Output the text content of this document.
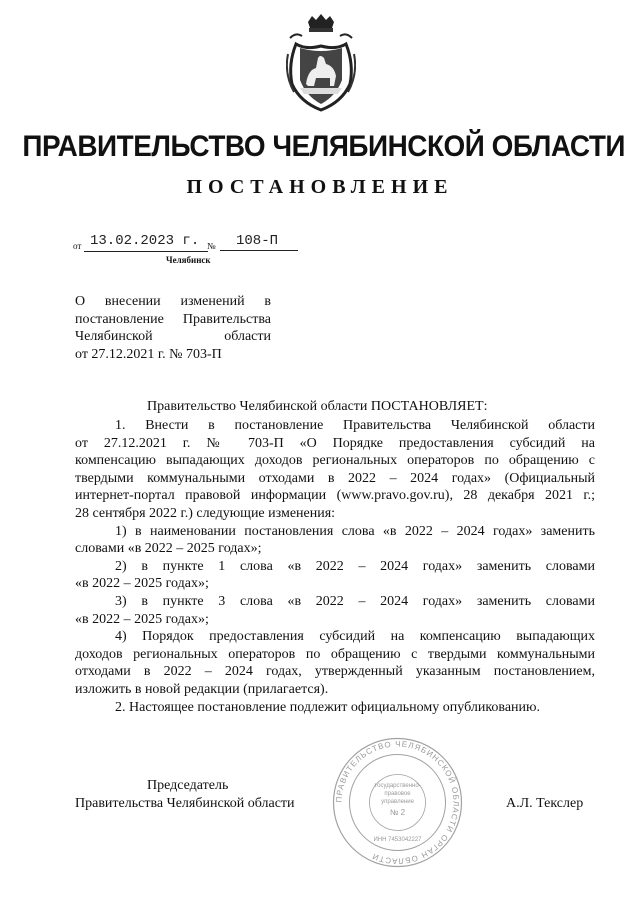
ПРАВИТЕЛЬСТВО ЧЕЛЯБИНСКОЙ ОБЛАСТИ
ПОСТАНОВЛЕНИЕ
от 13.02.2023 г. №	108-П
Челябинск
О внесении изменений в
постановление Правительства
Челябинской области
от 27.12.2021 г. № 703-П
Правительство Челябинской области ПОСТАНОВЛЯЕТ:
1. Внести в постановление Правительства Челябинской области
от 27.12.2021 г. № 703-П «О Порядке предоставления субсидий на
компенсацию выпадающих доходов региональных операторов по обращению с
твердыми коммунальными отходами в 2022 – 2024 годах» (Официальный
интернет-портал правовой информации (www.pravo.gov.ru), 28 декабря 2021 г.;
28 сентября 2022 г.) следующие изменения:
1) в наименовании постановления слова «в 2022 – 2024 годах» заменить
словами «в 2022 – 2025 годах»;
2) в пункте 1 слова «в 2022 – 2024 годах» заменить словами
«в 2022 – 2025 годах»;
3) в пункте 3 слова «в 2022 – 2024 годах» заменить словами
«в 2022 – 2025 годах»;
4) Порядок предоставления субсидий на компенсацию выпадающих
доходов региональных операторов по обращению с твердыми коммунальными
отходами в 2022 – 2024 годах, утвержденный указанным постановлением,
изложить в новой редакции (прилагается).
2. Настоящее постановление подлежит официальному опубликованию.
ПРАВИТЕЛЬСТВО ЧЕЛЯБИНСКОЙ ОБЛАСТИ ОРГАН ОБЛАСТИ
Государственно-
правовое
управление
№ 2
ИНН 7453042227
Председатель
Правительства Челябинской области	А.Л. Текслер
